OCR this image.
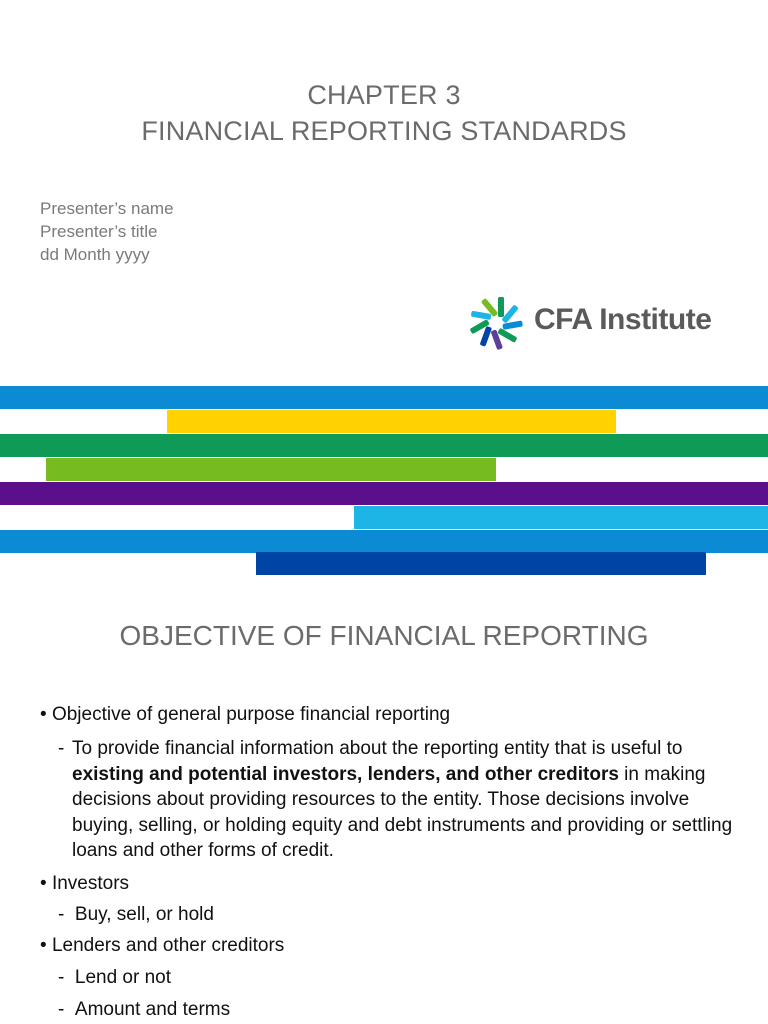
CHAPTER 3
FINANCIAL REPORTING STANDARDS
Presenter’s name
Presenter’s title
dd Month yyyy
CFA Institute
OBJECTIVE OF FINANCIAL REPORTING
• Objective of general purpose financial reporting
- To provide financial information about the reporting entity that is useful to existing and potential investors, lenders, and other creditors in making decisions about providing resources to the entity. Those decisions involve buying, selling, or holding equity and debt instruments and providing or settling loans and other forms of credit.
• Investors
-  Buy, sell, or hold
• Lenders and other creditors
-  Lend or not
-  Amount and terms
